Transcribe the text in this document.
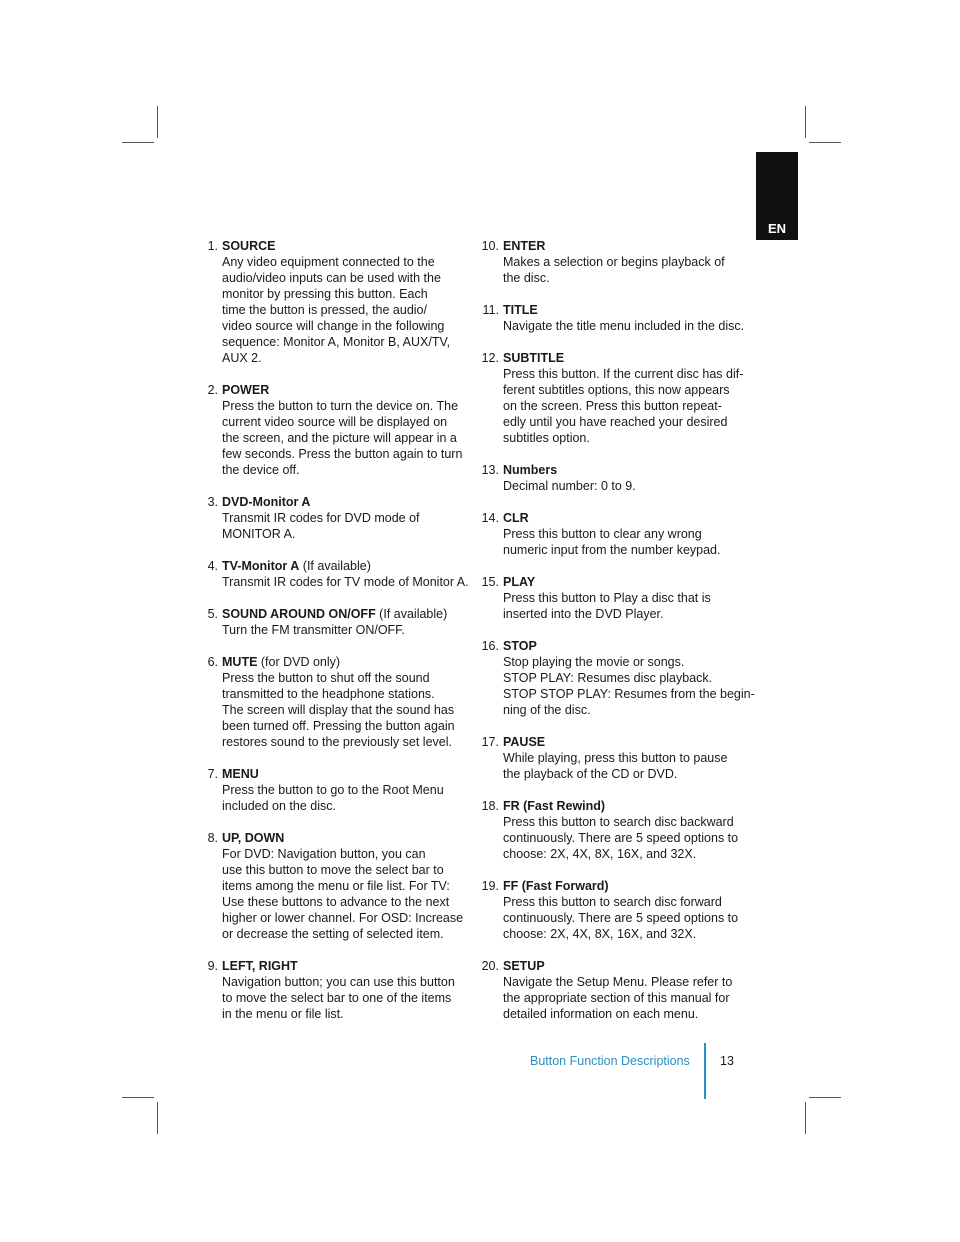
EN
1. SOURCE
Any video equipment connected to the
audio/video inputs can be used with the
monitor by pressing this button. Each
time the button is pressed, the audio/
video source will change in the following
sequence: Monitor A, Monitor B, AUX/TV,
AUX 2.
2. POWER
Press the button to turn the device on. The
current video source will be displayed on
the screen, and the picture will appear in a
few seconds. Press the button again to turn
the device off.
3. DVD-Monitor A
Transmit IR codes for DVD mode of
MONITOR A.
4. TV-Monitor A (If available)
Transmit IR codes for TV mode of Monitor A.
5. SOUND AROUND ON/OFF (If available)
Turn the FM transmitter ON/OFF.
6. MUTE (for DVD only)
Press the button to shut off the sound
transmitted to the headphone stations.
The screen will display that the sound has
been turned off. Pressing the button again
restores sound to the previously set level.
7. MENU
Press the button to go to the Root Menu
included on the disc.
8. UP, DOWN
For DVD: Navigation button, you can
use this button to move the select bar to
items among the menu or file list. For TV:
Use these buttons to advance to the next
higher or lower channel. For OSD: Increase
or decrease the setting of selected item.
9. LEFT, RIGHT
Navigation button; you can use this button
to move the select bar to one of the items
in the menu or file list.
10. ENTER
Makes a selection or begins playback of
the disc.
11. TITLE
Navigate the title menu included in the disc.
12. SUBTITLE
Press this button. If the current disc has dif-
ferent subtitles options, this now appears
on the screen. Press this button repeat-
edly until you have reached your desired
subtitles option.
13. Numbers
Decimal number: 0 to 9.
14. CLR
Press this button to clear any wrong
numeric input from the number keypad.
15. PLAY
Press this button to Play a disc that is
inserted into the DVD Player.
16. STOP
Stop playing the movie or songs.
STOP PLAY: Resumes disc playback.
STOP STOP PLAY: Resumes from the begin-
ning of the disc.
17. PAUSE
While playing, press this button to pause
the playback of the CD or DVD.
18. FR (Fast Rewind)
Press this button to search disc backward
continuously. There are 5 speed options to
choose: 2X, 4X, 8X, 16X, and 32X.
19. FF (Fast Forward)
Press this button to search disc forward
continuously. There are 5 speed options to
choose: 2X, 4X, 8X, 16X, and 32X.
20. SETUP
Navigate the Setup Menu. Please refer to
the appropriate section of this manual for
detailed information on each menu.
Button Function Descriptions 13
